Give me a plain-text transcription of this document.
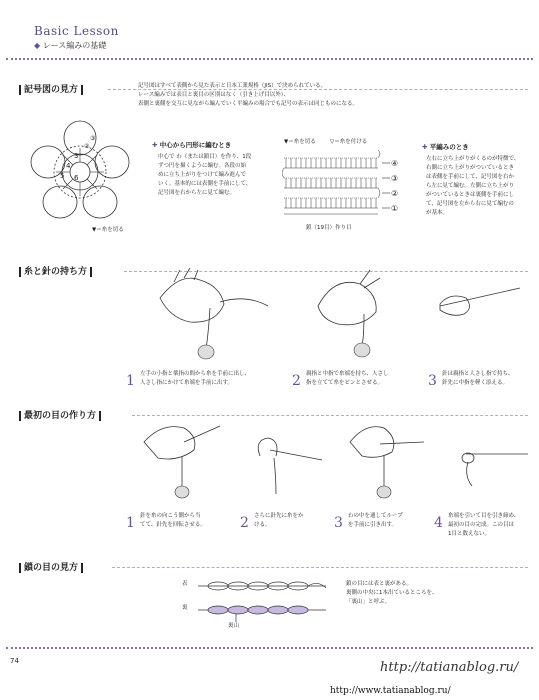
Basic Lesson
◆ レース編みの基礎
記号図の見方	記号図はすべて表側から見た表示と日本工業規格（JIS）で決められている。
レース編みでは表目と裏目の区別はなく（引き上げ目以外）、
表側と裏側を交互に見ながら編んでいく平編みの場合でも記号の表示は同じものになる。
3
4
5 6
②
③
▼＝糸を切る
✚ 中心から円形に編むとき
中心で わ（または鎖目）を作り、1段
ずつ円を描くように編む。各段の始
めに立ち上がりをつけて編み進んで
いく。基本的には表側を手前にして、
記号図を右から左に見て編む。
▼＝糸を切る	▽＝糸を付ける
④
③
②
①
鎖（19目）作り目
✚ 平編みのとき
左右に立ち上がりがくるのが特徴で、
右側に立ち上がりがついているとき
は表側を手前にして、記号図を右か
ら左に見て編む。左側に立ち上がり
がついているときは裏側を手前にし
て、記号図を左から右に見て編むの
が基本。
糸と針の持ち方
1 左手の小指と薬指の間から糸を手前に出し、
人さし指にかけて糸端を手前に出す。	2 親指と中指で糸端を持ち、人さし
指を立てて糸をピンとさせる。	3 針は親指と人さし指で持ち、
針先に中指を軽く添える。
最初の目の作り方
1 針を糸の向こう側から当
てて、針先を回転させる。	2 さらに針先に糸をか
ける。	3 わの中を通してループ
を手前に引き出す。	4 糸端を引いて目を引き締め、
最初の目の完成。この目は
1目と数えない。
鎖の目の見方
表
裏
裏山
鎖の目には表と裏がある。
裏側の中央に1本出ているところを、
「裏山」と呼ぶ。
74	http://tatianablog.ru/
http://www.tatianablog.ru/
